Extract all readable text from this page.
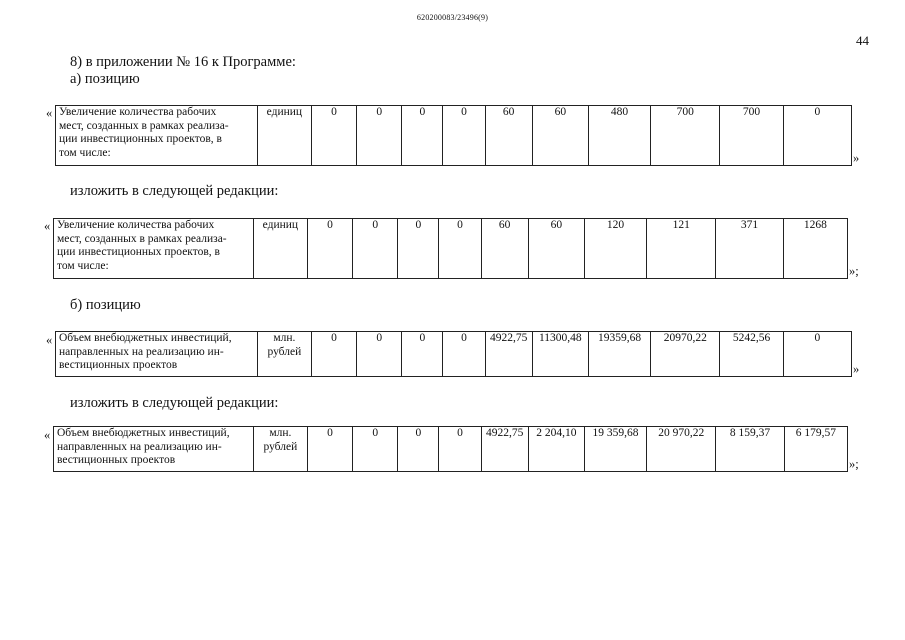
620200083/23496(9)
44
8) в приложении № 16 к Программе:
а) позицию
« Увеличение количества рабочих
мест, созданных в рамках реализа-
ции инвестиционных проектов, в
том числе:

единиц	0	0	0	0	60	60	480	700	700	0
»
изложить в следующей редакции:
« Увеличение количества рабочих
мест, созданных в рамках реализа-
ции инвестиционных проектов, в
том числе:

единиц	0	0	0	0	60	60	120	121	371	1268
»;
б) позицию
« Объем внебюджетных инвестиций,
направленных на реализацию ин-
вестиционных проектов

млн.
рублей
	0	0	0	0	4922,75	11300,48	19359,68	20970,22	5242,56	0
»
изложить в следующей редакции:
« Объем внебюджетных инвестиций,
направленных на реализацию ин-
вестиционных проектов

млн.
рублей
	0	0	0	0	4922,75	2 204,10	19 359,68	20 970,22	8 159,37	6 179,57
»;
